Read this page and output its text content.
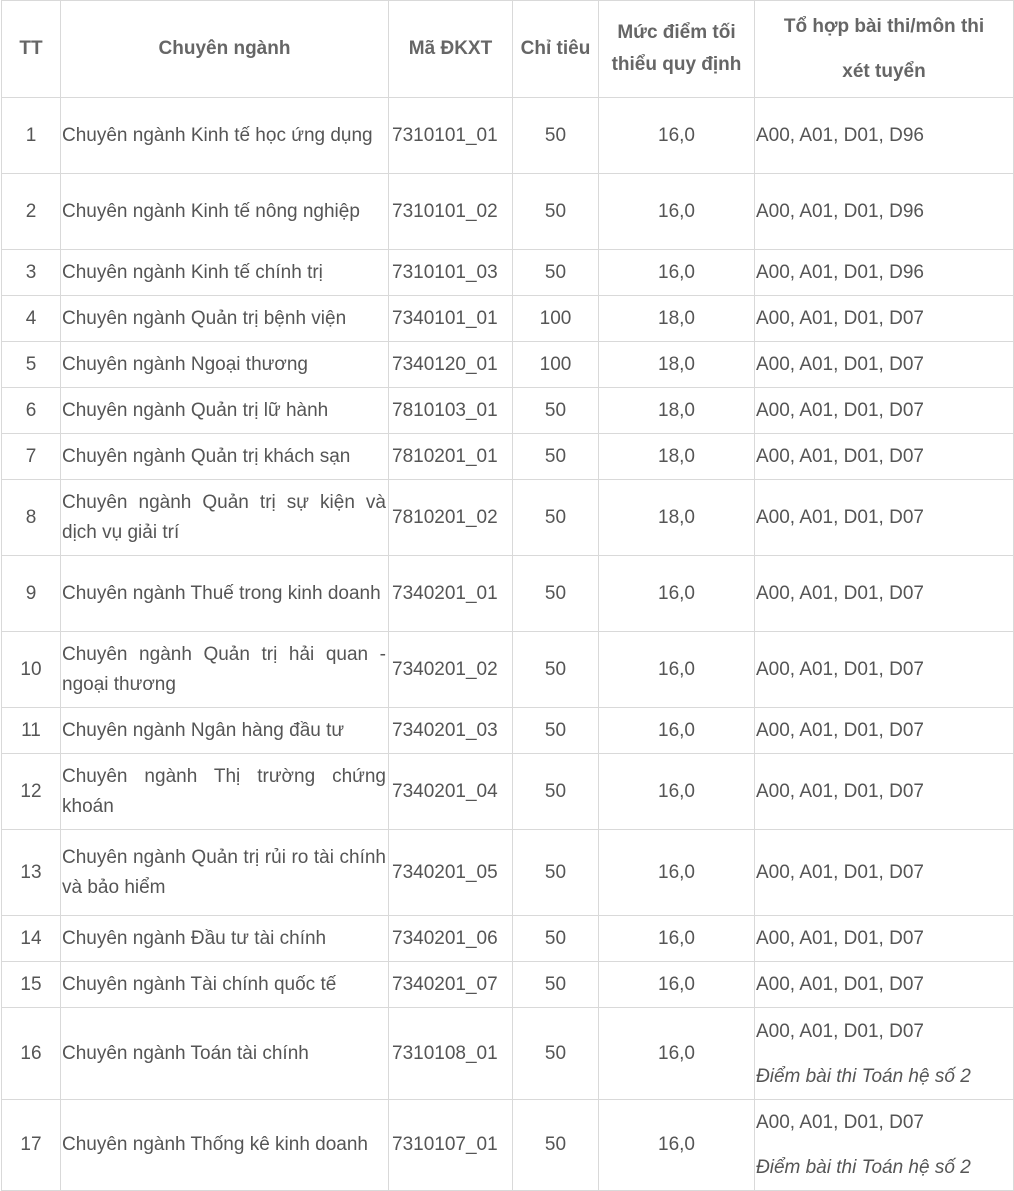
TT	Chuyên ngành	Mã ĐKXT	Chỉ tiêu	Mức điểm tối thiểu quy định	Tổ hợp bài thi/môn thi
xét tuyển

1	Chuyên ngành Kinh tế học ứng dụng	7310101_01	50	16,0	A00, A01, D01, D96
2	Chuyên ngành Kinh tế nông nghiệp	7310101_02	50	16,0	A00, A01, D01, D96
3	Chuyên ngành Kinh tế chính trị	7310101_03	50	16,0	A00, A01, D01, D96
4	Chuyên ngành Quản trị bệnh viện	7340101_01	100	18,0	A00, A01, D01, D07
5	Chuyên ngành Ngoại thương	7340120_01	100	18,0	A00, A01, D01, D07
6	Chuyên ngành Quản trị lữ hành	7810103_01	50	18,0	A00, A01, D01, D07
7	Chuyên ngành Quản trị khách sạn	7810201_01	50	18,0	A00, A01, D01, D07
8	Chuyên ngành Quản trị sự kiện và dịch vụ giải trí	7810201_02	50	18,0	A00, A01, D01, D07
9	Chuyên ngành Thuế trong kinh doanh	7340201_01	50	16,0	A00, A01, D01, D07
10	Chuyên ngành Quản trị hải quan - ngoại thương	7340201_02	50	16,0	A00, A01, D01, D07
11	Chuyên ngành Ngân hàng đầu tư	7340201_03	50	16,0	A00, A01, D01, D07
12	Chuyên ngành Thị trường chứng khoán	7340201_04	50	16,0	A00, A01, D01, D07
13	Chuyên ngành Quản trị rủi ro tài chính và bảo hiểm	7340201_05	50	16,0	A00, A01, D01, D07
14	Chuyên ngành Đầu tư tài chính	7340201_06	50	16,0	A00, A01, D01, D07
15	Chuyên ngành Tài chính quốc tế	7340201_07	50	16,0	A00, A01, D01, D07
16	Chuyên ngành Toán tài chính	7310108_01	50	16,0	A00, A01, D01, D07
Điểm bài thi Toán hệ số 2

17	Chuyên ngành Thống kê kinh doanh	7310107_01	50	16,0	A00, A01, D01, D07
Điểm bài thi Toán hệ số 2
